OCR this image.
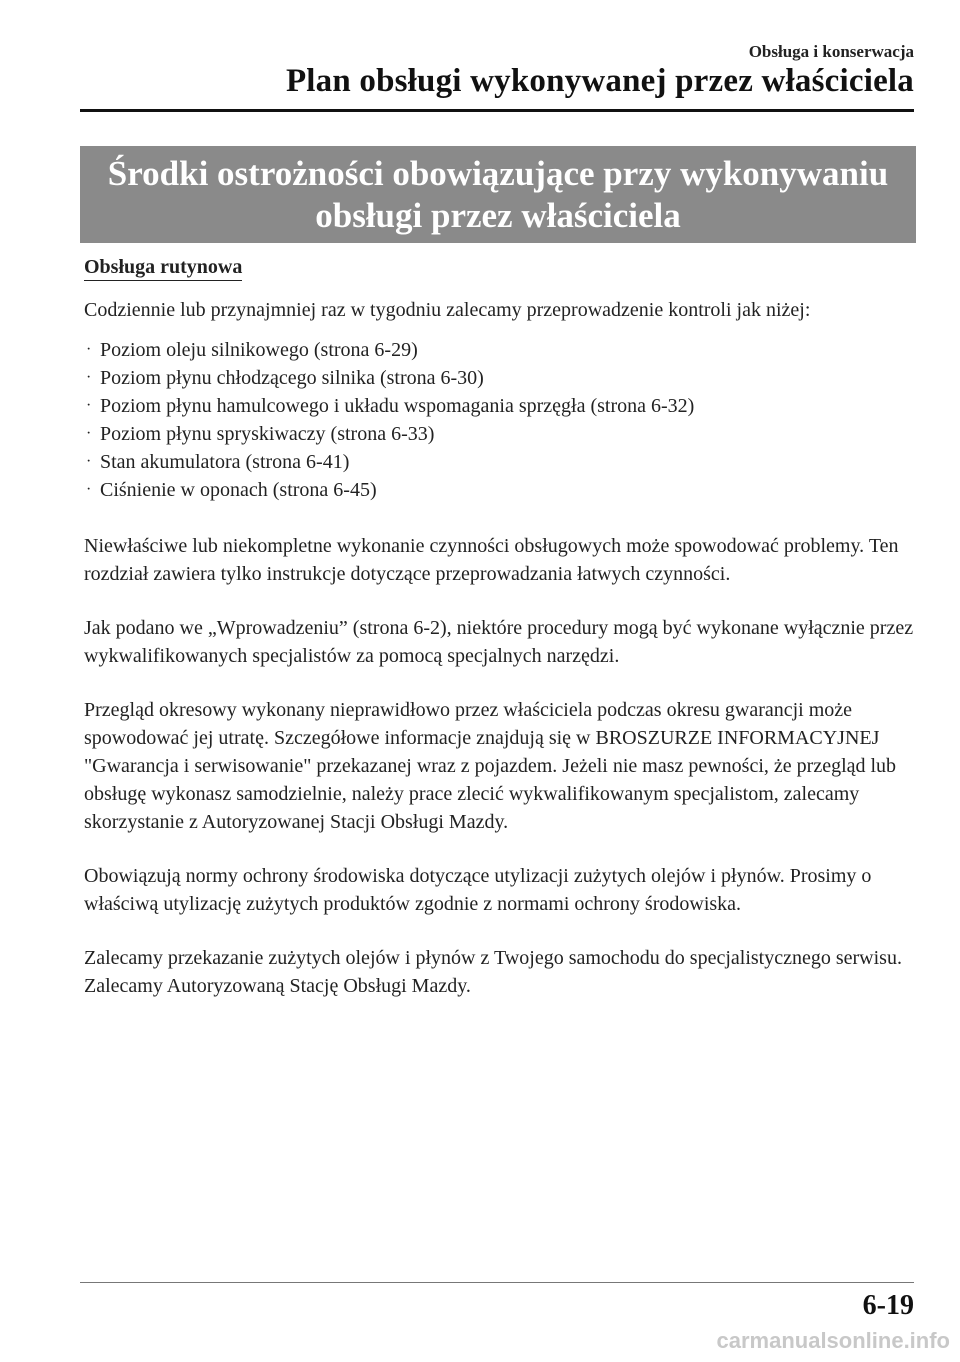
Obsługa i konserwacja
Plan obsługi wykonywanej przez właściciela
Środki ostrożności obowiązujące przy wykonywaniu
obsługi przez właściciela
Obsługa rutynowa

Codziennie lub przynajmniej raz w tygodniu zalecamy przeprowadzenie kontroli jak niżej:

· Poziom oleju silnikowego (strona 6-29)
· Poziom płynu chłodzącego silnika (strona 6-30)
· Poziom płynu hamulcowego i układu wspomagania sprzęgła (strona 6-32)
· Poziom płynu spryskiwaczy (strona 6-33)
· Stan akumulatora (strona 6-41)
· Ciśnienie w oponach (strona 6-45)

Niewłaściwe lub niekompletne wykonanie czynności obsługowych może spowodować problemy. Ten rozdział zawiera tylko instrukcje dotyczące przeprowadzania łatwych czynności.

Jak podano we „Wprowadzeniu” (strona 6-2), niektóre procedury mogą być wykonane wyłącznie przez wykwalifikowanych specjalistów za pomocą specjalnych narzędzi.

Przegląd okresowy wykonany nieprawidłowo przez właściciela podczas okresu gwarancji może spowodować jej utratę. Szczegółowe informacje znajdują się w BROSZURZE INFORMACYJNEJ "Gwarancja i serwisowanie" przekazanej wraz z pojazdem. Jeżeli nie masz pewności, że przegląd lub obsługę wykonasz samodzielnie, należy prace zlecić wykwalifikowanym specjalistom, zalecamy skorzystanie z Autoryzowanej Stacji Obsługi Mazdy.

Obowiązują normy ochrony środowiska dotyczące utylizacji zużytych olejów i płynów. Prosimy o właściwą utylizację zużytych produktów zgodnie z normami ochrony środowiska.

Zalecamy przekazanie zużytych olejów i płynów z Twojego samochodu do specjalistycznego serwisu. Zalecamy Autoryzowaną Stację Obsługi Mazdy.

6-19
carmanualsonline.info
